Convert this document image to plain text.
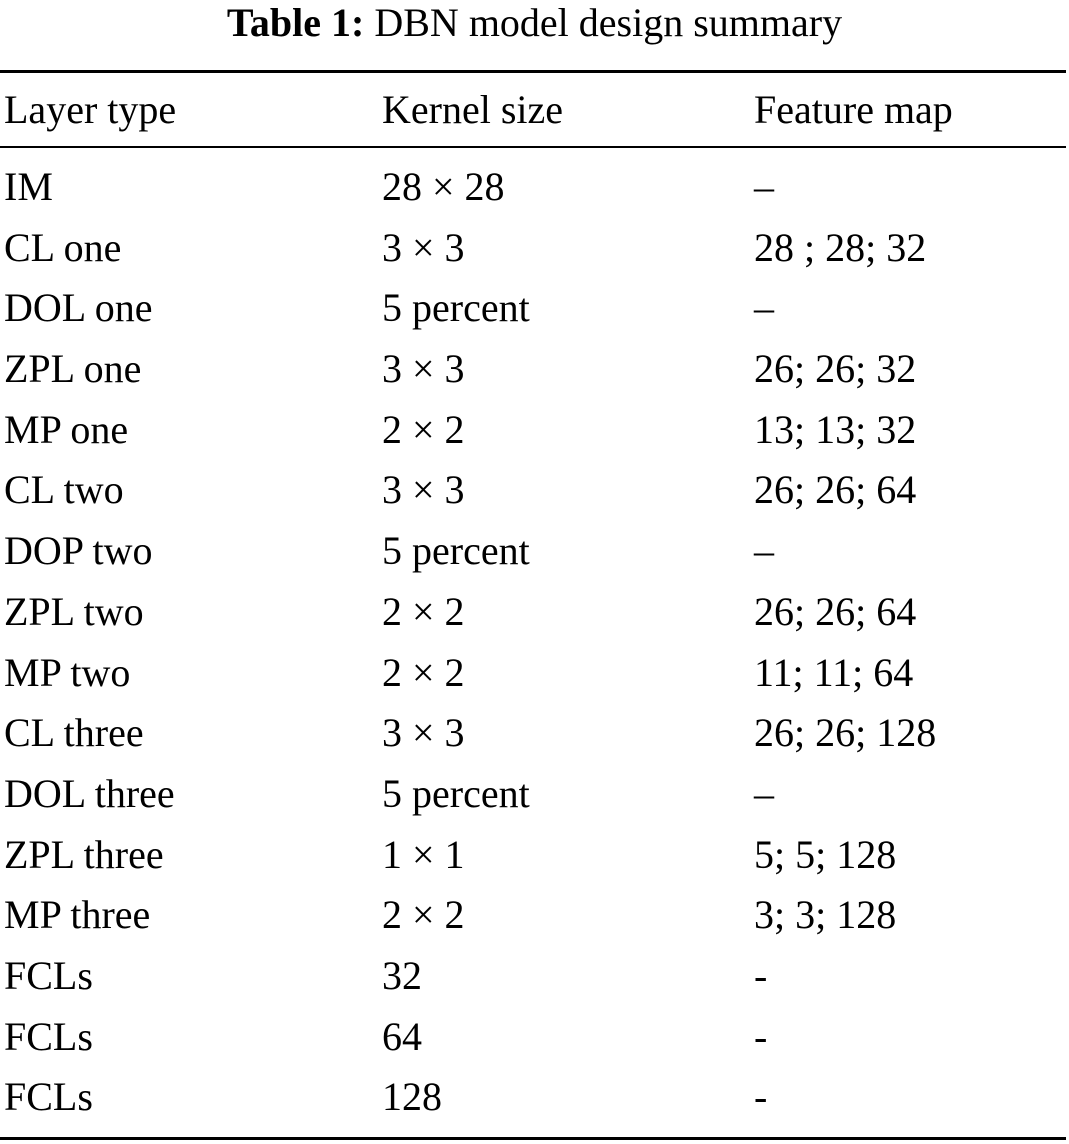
Table 1: DBN model design summary
Layer type	Kernel size	Feature map
IM	28 × 28	–
CL one	3 × 3	28 ; 28; 32
DOL one	5 percent	–
ZPL one	3 × 3	26; 26; 32
MP one	2 × 2	13; 13; 32
CL two	3 × 3	26; 26; 64
DOP two	5 percent	–
ZPL two	2 × 2	26; 26; 64
MP two	2 × 2	11; 11; 64
CL three	3 × 3	26; 26; 128
DOL three	5 percent	–
ZPL three	1 × 1	5; 5; 128
MP three	2 × 2	3; 3; 128
FCLs	32	-
FCLs	64	-
FCLs	128	-
